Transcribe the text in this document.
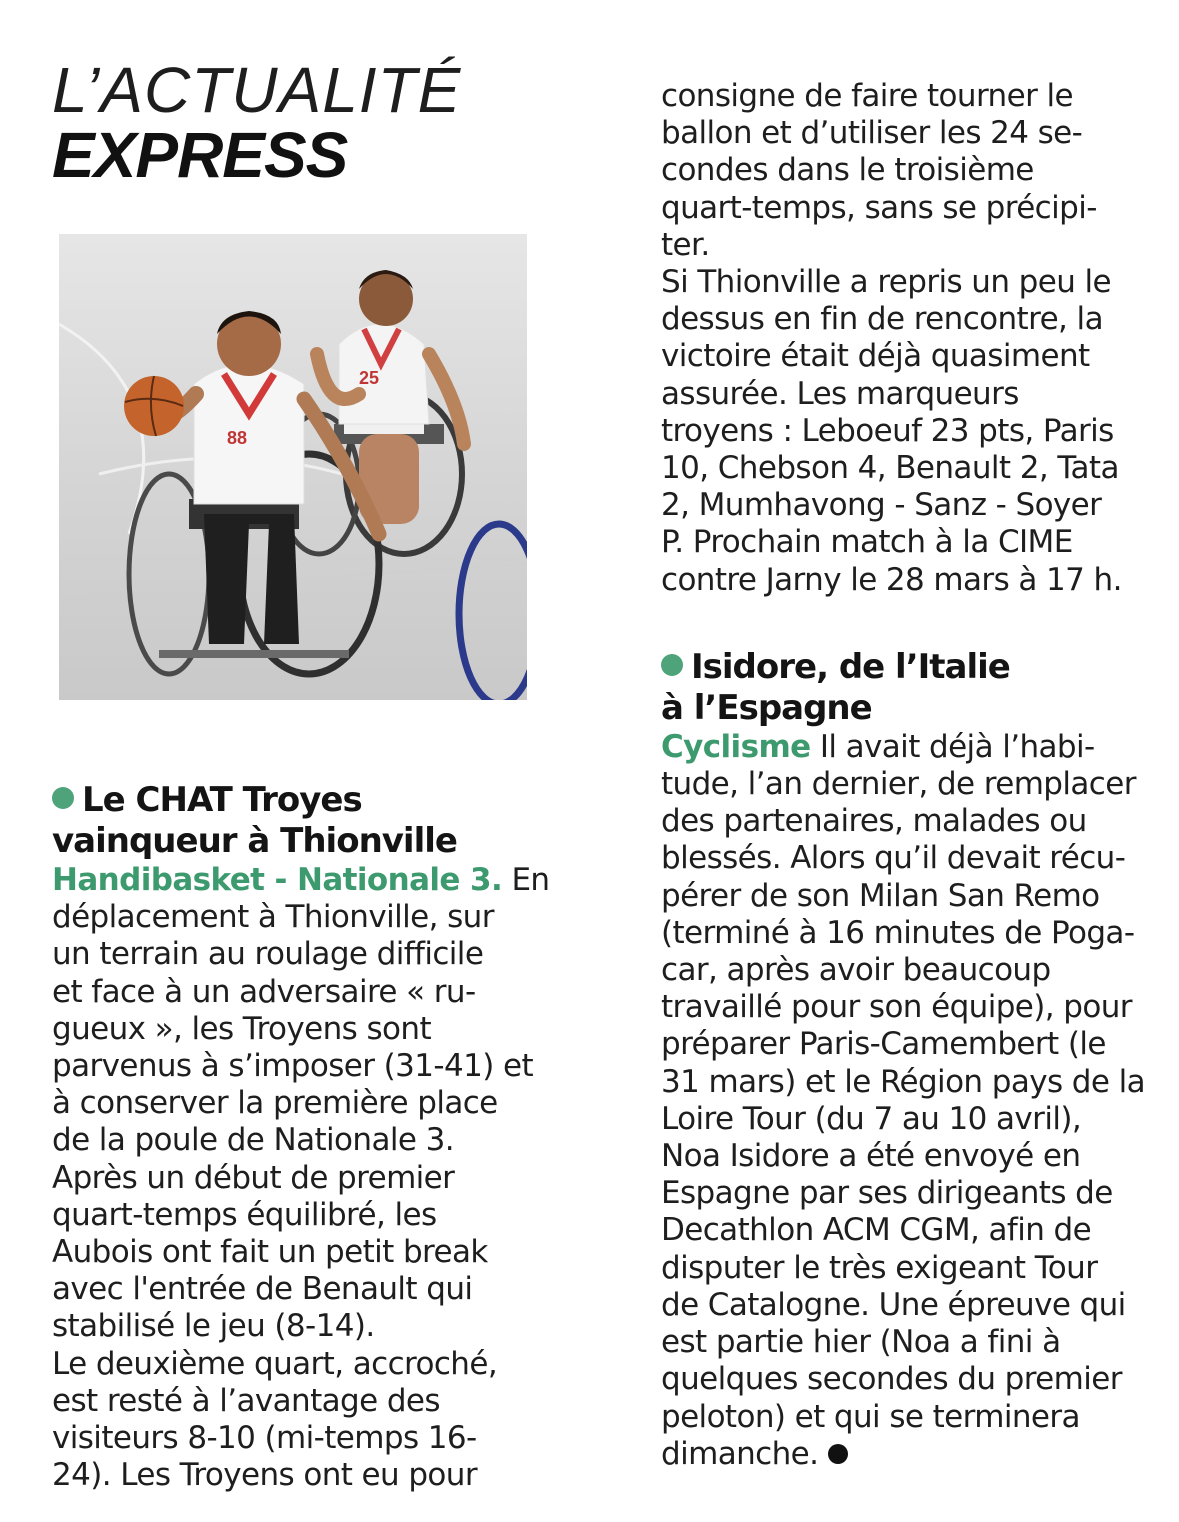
L’ACTUALITÉ
EXPRESS
25
88
Le CHAT Troyes
vainqueur à Thionville
Handibasket - Nationale 3. En
déplacement à Thionville, sur
un terrain au roulage difficile
et face à un adversaire « ru-
gueux », les Troyens sont
parvenus à s’imposer (31-41) et
à conserver la première place
de la poule de Nationale 3.
Après un début de premier
quart-temps équilibré, les
Aubois ont fait un petit break
avec l'entrée de Benault qui
stabilisé le jeu (8-14).
Le deuxième quart, accroché,
est resté à l’avantage des
visiteurs 8-10 (mi-temps 16-
24). Les Troyens ont eu pour
consigne de faire tourner le
ballon et d’utiliser les 24 se-
condes dans le troisième
quart-temps, sans se précipi-
ter.
Si Thionville a repris un peu le
dessus en fin de rencontre, la
victoire était déjà quasiment
assurée. Les marqueurs
troyens : Leboeuf 23 pts, Paris
10, Chebson 4, Benault 2, Tata
2, Mumhavong - Sanz - Soyer
P. Prochain match à la CIME
contre Jarny le 28 mars à 17 h.
Isidore, de l’Italie
à l’Espagne
Cyclisme Il avait déjà l’habi-
tude, l’an dernier, de remplacer
des partenaires, malades ou
blessés. Alors qu’il devait récu-
pérer de son Milan San Remo
(terminé à 16 minutes de Poga-
car, après avoir beaucoup
travaillé pour son équipe), pour
préparer Paris-Camembert (le
31 mars) et le Région pays de la
Loire Tour (du 7 au 10 avril),
Noa Isidore a été envoyé en
Espagne par ses dirigeants de
Decathlon ACM CGM, afin de
disputer le très exigeant Tour
de Catalogne. Une épreuve qui
est partie hier (Noa a fini à
quelques secondes du premier
peloton) et qui se terminera
dimanche.
